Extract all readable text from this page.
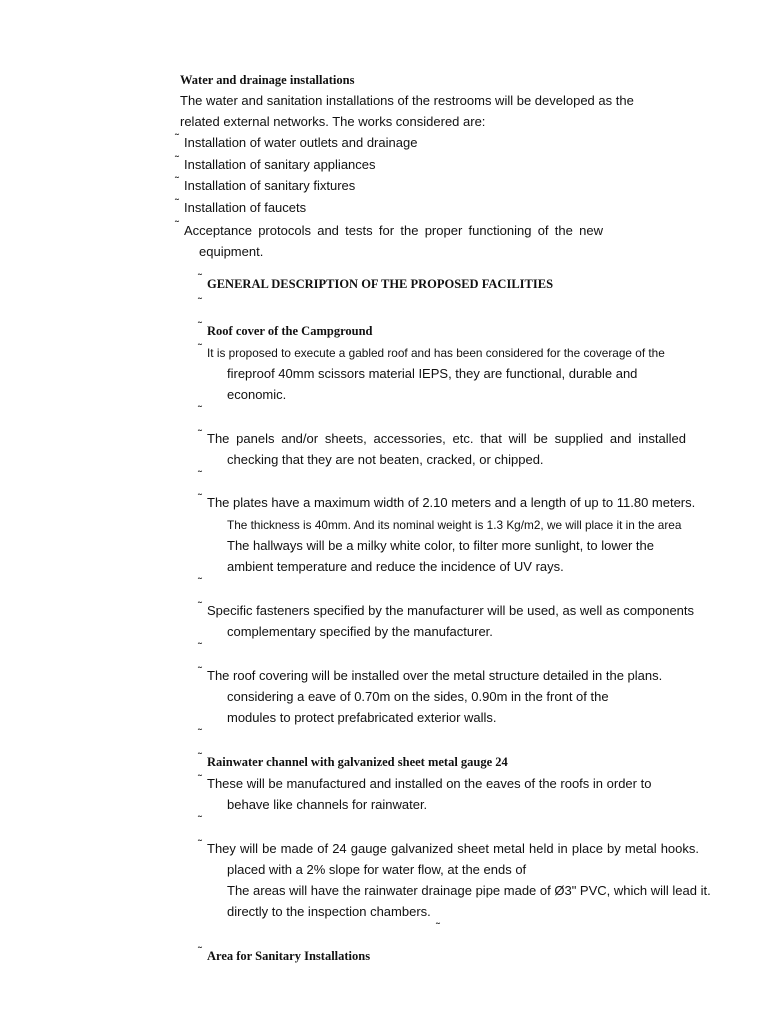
Water and drainage installations
The water and sanitation installations of the restrooms will be developed as the
related external networks. The works considered are:
˜ Installation of water outlets and drainage
˜ Installation of sanitary appliances
˜ Installation of sanitary fixtures
˜ Installation of faucets
˜ Acceptance protocols and tests for the proper functioning of the new
equipment.
˜ GENERAL DESCRIPTION OF THE PROPOSED FACILITIES
˜
˜ Roof cover of the Campground
˜ It is proposed to execute a gabled roof and has been considered for the coverage of the
fireproof 40mm scissors material IEPS, they are functional, durable and
economic.
˜
˜ The panels and/or sheets, accessories, etc. that will be supplied and installed
checking that they are not beaten, cracked, or chipped.
˜
˜ The plates have a maximum width of 2.10 meters and a length of up to 11.80 meters.
The thickness is 40mm. And its nominal weight is 1.3 Kg/m2, we will place it in the area
The hallways will be a milky white color, to filter more sunlight, to lower the
ambient temperature and reduce the incidence of UV rays.
˜
˜ Specific fasteners specified by the manufacturer will be used, as well as components
complementary specified by the manufacturer.
˜
˜ The roof covering will be installed over the metal structure detailed in the plans.
considering a eave of 0.70m on the sides, 0.90m in the front of the
modules to protect prefabricated exterior walls.
˜
˜ Rainwater channel with galvanized sheet metal gauge 24
˜ These will be manufactured and installed on the eaves of the roofs in order to
behave like channels for rainwater.
˜
˜ They will be made of 24 gauge galvanized sheet metal held in place by metal hooks.
placed with a 2% slope for water flow, at the ends of
The areas will have the rainwater drainage pipe made of Ø3" PVC, which will lead it.
directly to the inspection chambers.
˜
˜ Area for Sanitary Installations
